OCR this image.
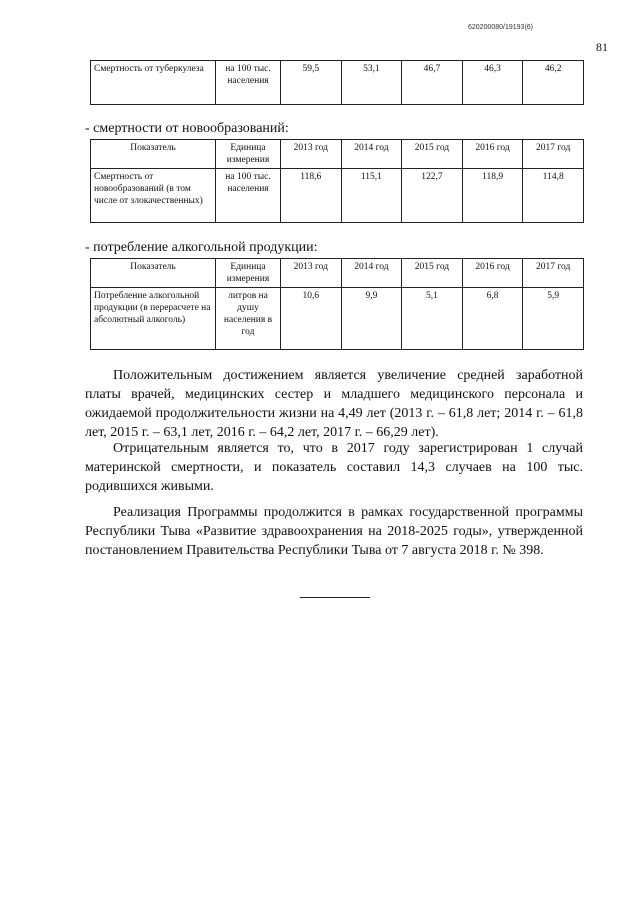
620200080/19193(6)
81
Смертность от туберкулеза	на 100 тыс. населения	59,5	53,1	46,7	46,3	46,2
- смертности от новообразований:
Показатель	Единица измерения	2013 год	2014 год	2015 год	2016 год	2017 год
Смертность от новообразований (в том числе от злокачественных)	на 100 тыс. населения	118,6	115,1	122,7	118,9	114,8
- потребление алкогольной продукции:
Показатель	Единица измерения	2013 год	2014 год	2015 год	2016 год	2017 год
Потребление алкогольной продукции (в перерасчете на абсолютный алкоголь)	литров на душу населения в год	10,6	9,9	5,1	6,8	5,9

Положительным достижением является увеличение средней заработной платы врачей, медицинских сестер и младшего медицинского персонала и ожидаемой продолжительности жизни на 4,49 лет (2013 г. – 61,8 лет; 2014 г. – 61,8 лет, 2015 г. – 63,1 лет, 2016 г. – 64,2 лет, 2017 г. – 66,29 лет).

Отрицательным является то, что в 2017 году зарегистрирован 1 случай материнской смертности, и показатель составил 14,3 случаев на 100 тыс. родившихся живыми.

Реализация Программы продолжится в рамках государственной программы Республики Тыва «Развитие здравоохранения на 2018-2025 годы», утвержденной постановлением Правительства Республики Тыва от 7 августа 2018 г. № 398.
